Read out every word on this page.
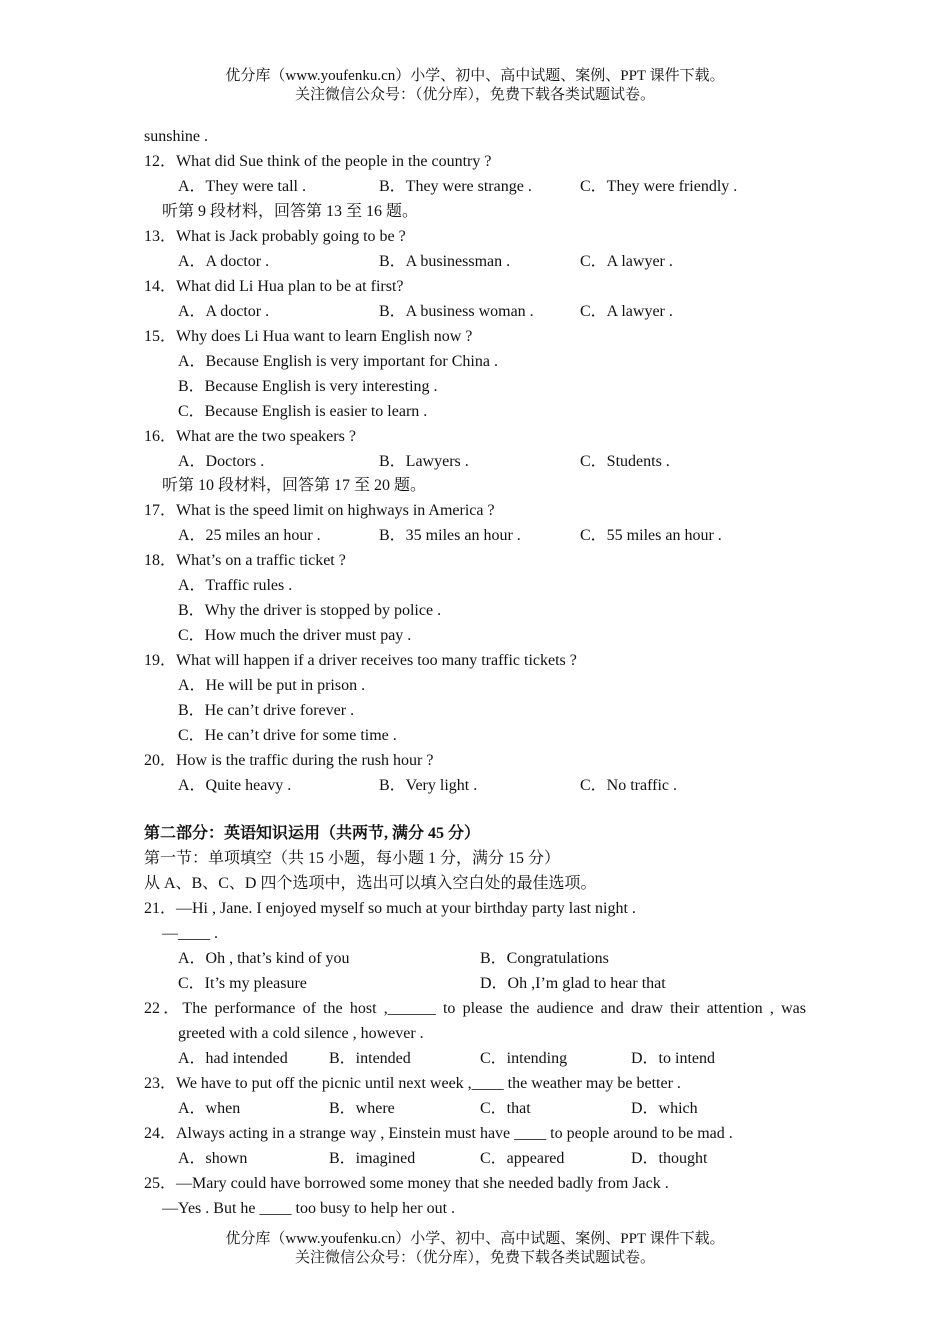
优分库（www.youfenku.cn）小学、初中、高中试题、案例、PPT 课件下载。
关注微信公众号：（优分库），免费下载各类试题试卷。
sunshine .
12．What did Sue think of the people in the country ?
A．They were tall .	B．They were strange .	C．They were friendly .
听第 9 段材料，回答第 13 至 16 题。
13．What is Jack probably going to be ?
A．A doctor .	B．A businessman .	C．A lawyer .
14．What did Li Hua plan to be at first?
A．A doctor .	B．A business woman .	C．A lawyer .
15．Why does Li Hua want to learn English now ?
A．Because English is very important for China .
B．Because English is very interesting .
C．Because English is easier to learn .
16．What are the two speakers ?
A．Doctors .	B．Lawyers .	C．Students .
听第 10 段材料，回答第 17 至 20 题。
17．What is the speed limit on highways in America ?
A．25 miles an hour .	B．35 miles an hour .	C．55 miles an hour .
18．What’s on a traffic ticket ?
A．Traffic rules .
B．Why the driver is stopped by police .
C．How much the driver must pay .
19．What will happen if a driver receives too many traffic tickets ?
A．He will be put in prison .
B．He can’t drive forever .
C．He can’t drive for some time .
20．How is the traffic during the rush hour ?
A．Quite heavy .	B．Very light .	C．No traffic .
第二部分：英语知识运用（共两节, 满分 45 分）
第一节：单项填空（共 15 小题，每小题 1 分，满分 15 分）
从 A、B、C、D 四个选项中，选出可以填入空白处的最佳选项。
21．—Hi , Jane. I enjoyed myself so much at your birthday party last night .
—____ .
A．Oh , that’s kind of you	B．Congratulations
C．It’s my pleasure	D．Oh ,I’m glad to hear that
22．The performance of the host ,______ to please the audience and draw their attention , was
greeted with a cold silence , however .
A．had intended	B．intended	C．intending	D．to intend
23．We have to put off the picnic until next week ,____ the weather may be better .
A．when	B．where	C．that	D．which
24．Always acting in a strange way , Einstein must have ____ to people around to be mad .
A．shown	B．imagined	C．appeared	D．thought
25．—Mary could have borrowed some money that she needed badly from Jack .
—Yes . But he ____ too busy to help her out .
优分库（www.youfenku.cn）小学、初中、高中试题、案例、PPT 课件下载。
关注微信公众号：（优分库），免费下载各类试题试卷。
